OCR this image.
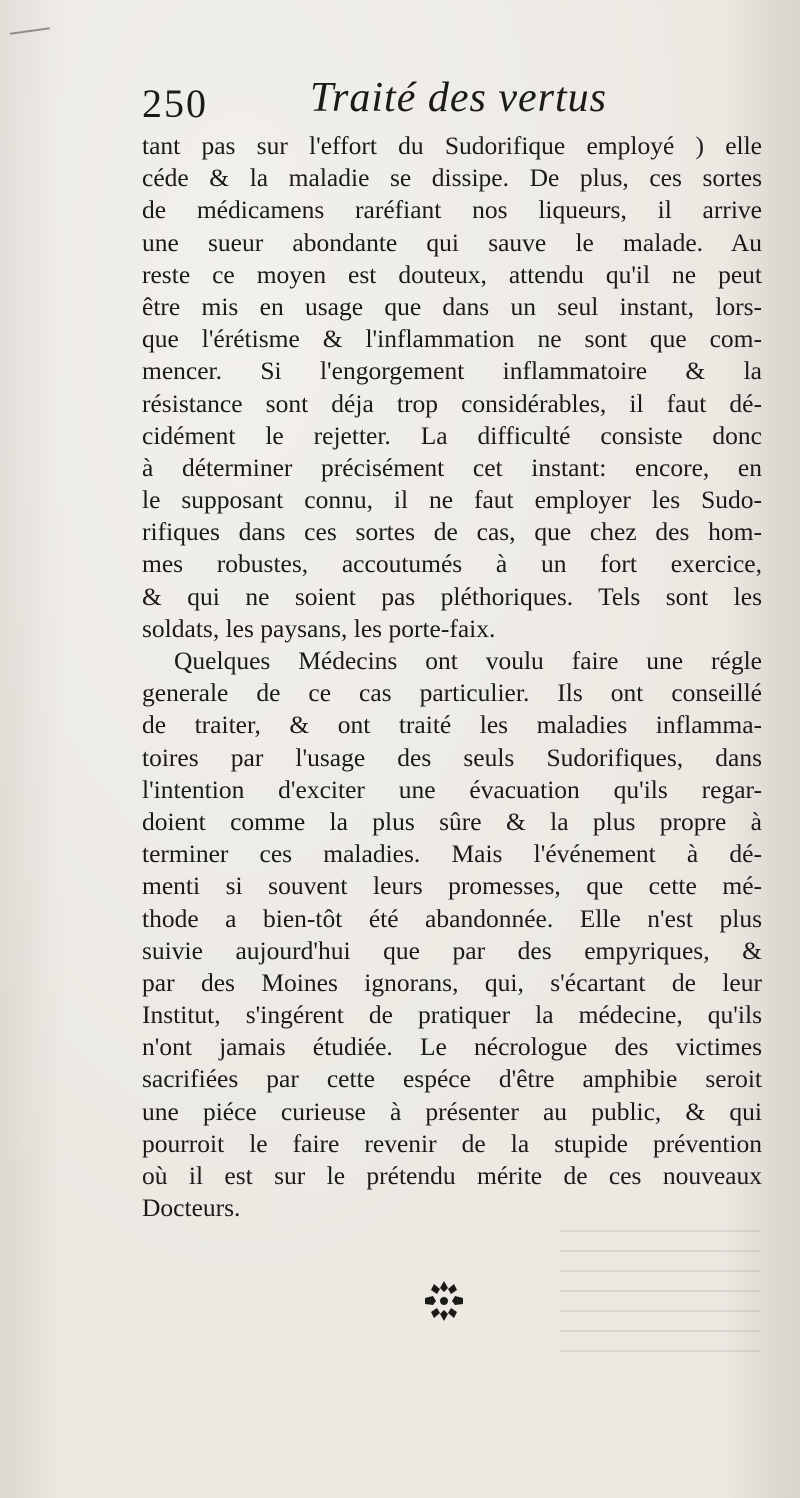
250 Traité des vertus
tant pas sur l'effort du Sudorifique employé ) elle
céde & la maladie se dissipe. De plus, ces sortes
de médicamens raréfiant nos liqueurs, il arrive
une sueur abondante qui sauve le malade. Au
reste ce moyen est douteux, attendu qu'il ne peut
être mis en usage que dans un seul instant, lors-
que l'érétisme & l'inflammation ne sont que com-
mencer. Si l'engorgement inflammatoire & la
résistance sont déja trop considérables, il faut dé-
cidément le rejetter. La difficulté consiste donc
à déterminer précisément cet instant: encore, en
le supposant connu, il ne faut employer les Sudo-
rifiques dans ces sortes de cas, que chez des hom-
mes robustes, accoutumés à un fort exercice,
& qui ne soient pas pléthoriques. Tels sont les
soldats, les paysans, les porte-faix.
Quelques Médecins ont voulu faire une régle
generale de ce cas particulier. Ils ont conseillé
de traiter, & ont traité les maladies inflamma-
toires par l'usage des seuls Sudorifiques, dans
l'intention d'exciter une évacuation qu'ils regar-
doient comme la plus sûre & la plus propre à
terminer ces maladies. Mais l'événement à dé-
menti si souvent leurs promesses, que cette mé-
thode a bien-tôt été abandonnée. Elle n'est plus
suivie aujourd'hui que par des empyriques, &
par des Moines ignorans, qui, s'écartant de leur
Institut, s'ingérent de pratiquer la médecine, qu'ils
n'ont jamais étudiée. Le nécrologue des victimes
sacrifiées par cette espéce d'être amphibie seroit
une piéce curieuse à présenter au public, & qui
pourroit le faire revenir de la stupide prévention
où il est sur le prétendu mérite de ces nouveaux
Docteurs.
